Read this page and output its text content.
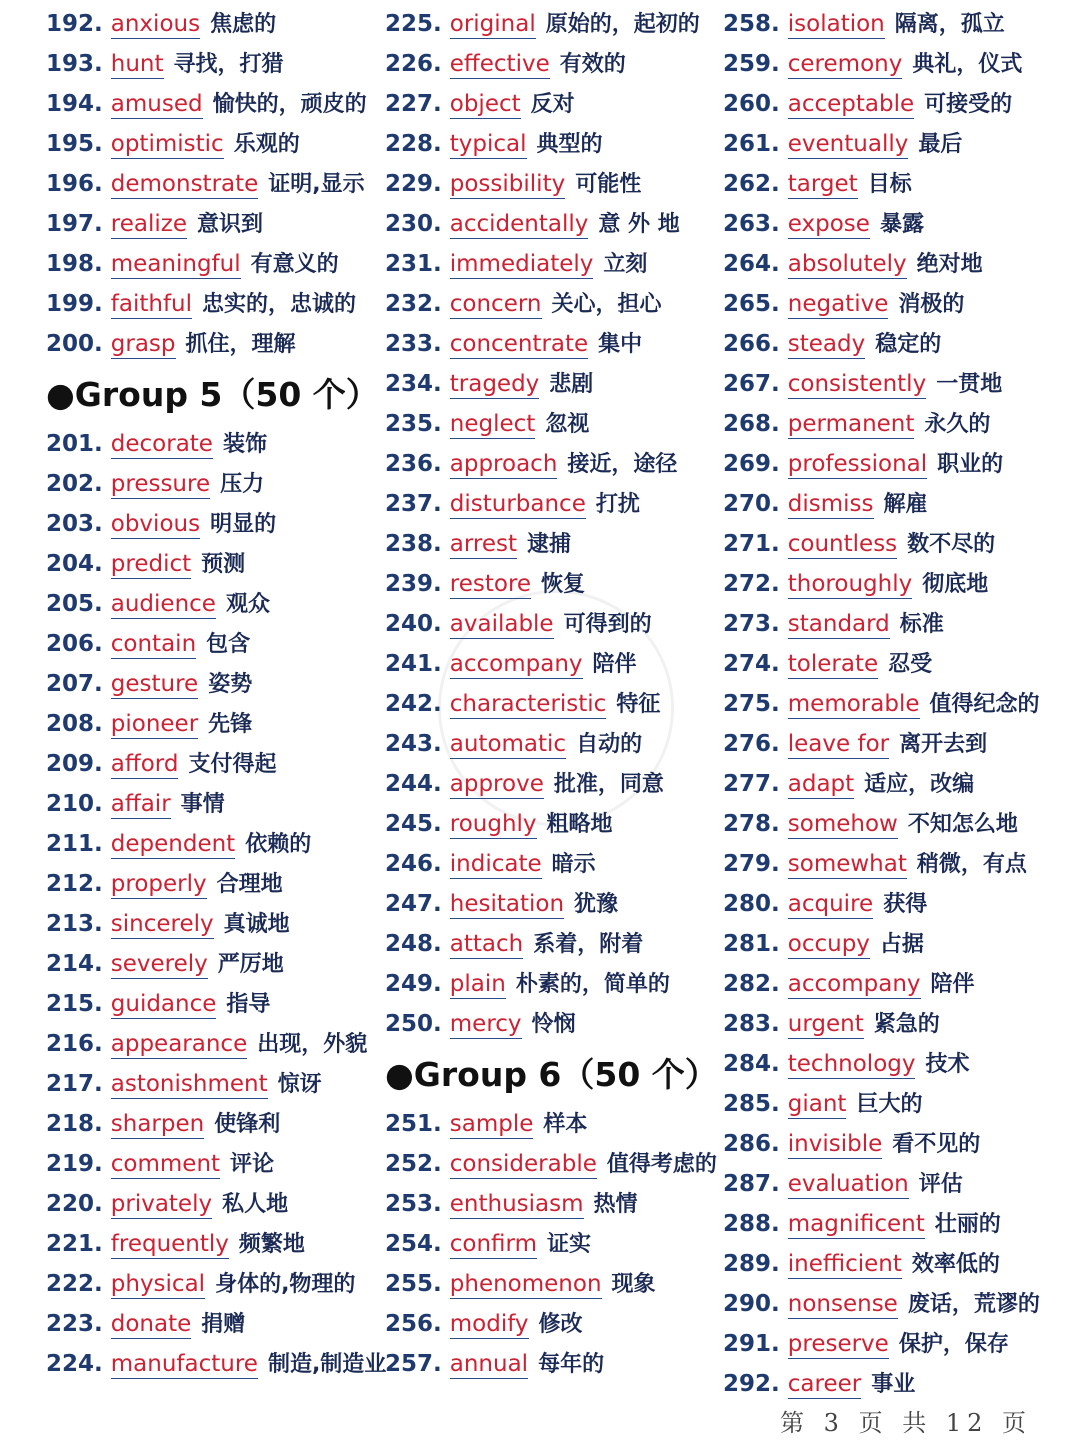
192. anxious 焦虑的
193. hunt 寻找，打猎
194. amused 愉快的，顽皮的
195. optimistic 乐观的
196. demonstrate 证明,显示
197. realize 意识到
198. meaningful 有意义的
199. faithful 忠实的，忠诚的
200. grasp 抓住，理解
●Group 5（50 个）
201. decorate 装饰
202. pressure 压力
203. obvious 明显的
204. predict 预测
205. audience 观众
206. contain 包含
207. gesture 姿势
208. pioneer 先锋
209. afford 支付得起
210. affair 事情
211. dependent 依赖的
212. properly 合理地
213. sincerely 真诚地
214. severely 严厉地
215. guidance 指导
216. appearance 出现，外貌
217. astonishment 惊讶
218. sharpen 使锋利
219. comment 评论
220. privately 私人地
221. frequently 频繁地
222. physical 身体的,物理的
223. donate 捐赠
224. manufacture 制造,制造业
225. original 原始的，起初的
226. effective 有效的
227. object 反对
228. typical 典型的
229. possibility 可能性
230. accidentally 意 外 地
231. immediately 立刻
232. concern 关心，担心
233. concentrate 集中
234. tragedy 悲剧
235. neglect 忽视
236. approach 接近，途径
237. disturbance 打扰
238. arrest 逮捕
239. restore 恢复
240. available 可得到的
241. accompany 陪伴
242. characteristic 特征
243. automatic 自动的
244. approve 批准，同意
245. roughly 粗略地
246. indicate 暗示
247. hesitation 犹豫
248. attach 系着，附着
249. plain 朴素的，简单的
250. mercy 怜悯
●Group 6（50 个）
251. sample 样本
252. considerable 值得考虑的
253. enthusiasm 热情
254. confirm 证实
255. phenomenon 现象
256. modify 修改
257. annual 每年的
258. isolation 隔离，孤立
259. ceremony 典礼，仪式
260. acceptable 可接受的
261. eventually 最后
262. target 目标
263. expose 暴露
264. absolutely 绝对地
265. negative 消极的
266. steady 稳定的
267. consistently 一贯地
268. permanent 永久的
269. professional 职业的
270. dismiss 解雇
271. countless 数不尽的
272. thoroughly 彻底地
273. standard 标准
274. tolerate 忍受
275. memorable 值得纪念的
276. leave for 离开去到
277. adapt 适应，改编
278. somehow 不知怎么地
279. somewhat 稍微，有点
280. acquire 获得
281. occupy 占据
282. accompany 陪伴
283. urgent 紧急的
284. technology 技术
285. giant 巨大的
286. invisible 看不见的
287. evaluation 评估
288. magnificent 壮丽的
289. inefficient 效率低的
290. nonsense 废话，荒谬的
291. preserve 保护，保存
292. career 事业
第 3 页 共 12 页
